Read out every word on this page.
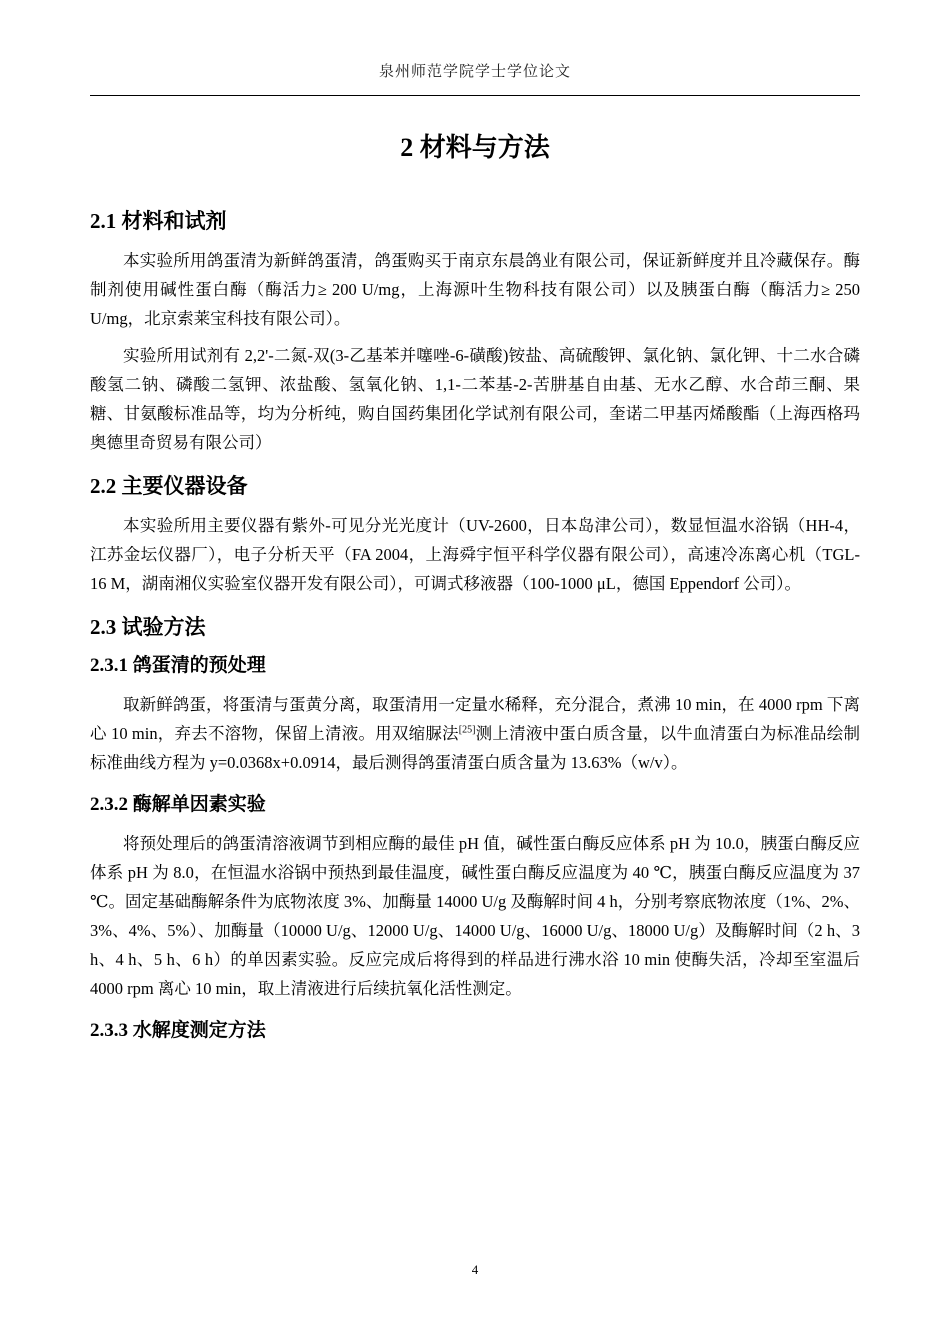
泉州师范学院学士学位论文
2 材料与方法
2.1 材料和试剂

本实验所用鸽蛋清为新鲜鸽蛋清，鸽蛋购买于南京东晨鸽业有限公司，保证新鲜度并且冷藏保存。酶制剂使用碱性蛋白酶（酶活力≥ 200 U/mg，上海源叶生物科技有限公司）以及胰蛋白酶（酶活力≥ 250 U/mg，北京索莱宝科技有限公司）。

实验所用试剂有 2,2'-二氮-双(3-乙基苯并噻唑-6-磺酸)铵盐、高硫酸钾、氯化钠、氯化钾、十二水合磷酸氢二钠、磷酸二氢钾、浓盐酸、氢氧化钠、1,1-二苯基-2-苦肼基自由基、无水乙醇、水合茚三酮、果糖、甘氨酸标准品等，均为分析纯，购自国药集团化学试剂有限公司，奎诺二甲基丙烯酸酯（上海西格玛奥德里奇贸易有限公司）

2.2 主要仪器设备

本实验所用主要仪器有紫外-可见分光光度计（UV-2600，日本岛津公司），数显恒温水浴锅（HH-4，江苏金坛仪器厂），电子分析天平（FA 2004，上海舜宇恒平科学仪器有限公司），高速冷冻离心机（TGL-16 M，湖南湘仪实验室仪器开发有限公司），可调式移液器（100-1000 μL，德国 Eppendorf 公司）。

2.3 试验方法
2.3.1 鸽蛋清的预处理

取新鲜鸽蛋，将蛋清与蛋黄分离，取蛋清用一定量水稀释，充分混合，煮沸 10 min，在 4000 rpm 下离心 10 min，弃去不溶物，保留上清液。用双缩脲法[25]测上清液中蛋白质含量，以牛血清蛋白为标准品绘制标准曲线方程为 y=0.0368x+0.0914，最后测得鸽蛋清蛋白质含量为 13.63%（w/v）。

2.3.2 酶解单因素实验

将预处理后的鸽蛋清溶液调节到相应酶的最佳 pH 值，碱性蛋白酶反应体系 pH 为 10.0，胰蛋白酶反应体系 pH 为 8.0，在恒温水浴锅中预热到最佳温度，碱性蛋白酶反应温度为 40 ℃，胰蛋白酶反应温度为 37 ℃。固定基础酶解条件为底物浓度 3%、加酶量 14000 U/g 及酶解时间 4 h，分别考察底物浓度（1%、2%、3%、4%、5%）、加酶量（10000 U/g、12000 U/g、14000 U/g、16000 U/g、18000 U/g）及酶解时间（2 h、3 h、4 h、5 h、6 h）的单因素实验。反应完成后将得到的样品进行沸水浴 10 min 使酶失活，冷却至室温后 4000 rpm 离心 10 min，取上清液进行后续抗氧化活性测定。

2.3.3 水解度测定方法
4
